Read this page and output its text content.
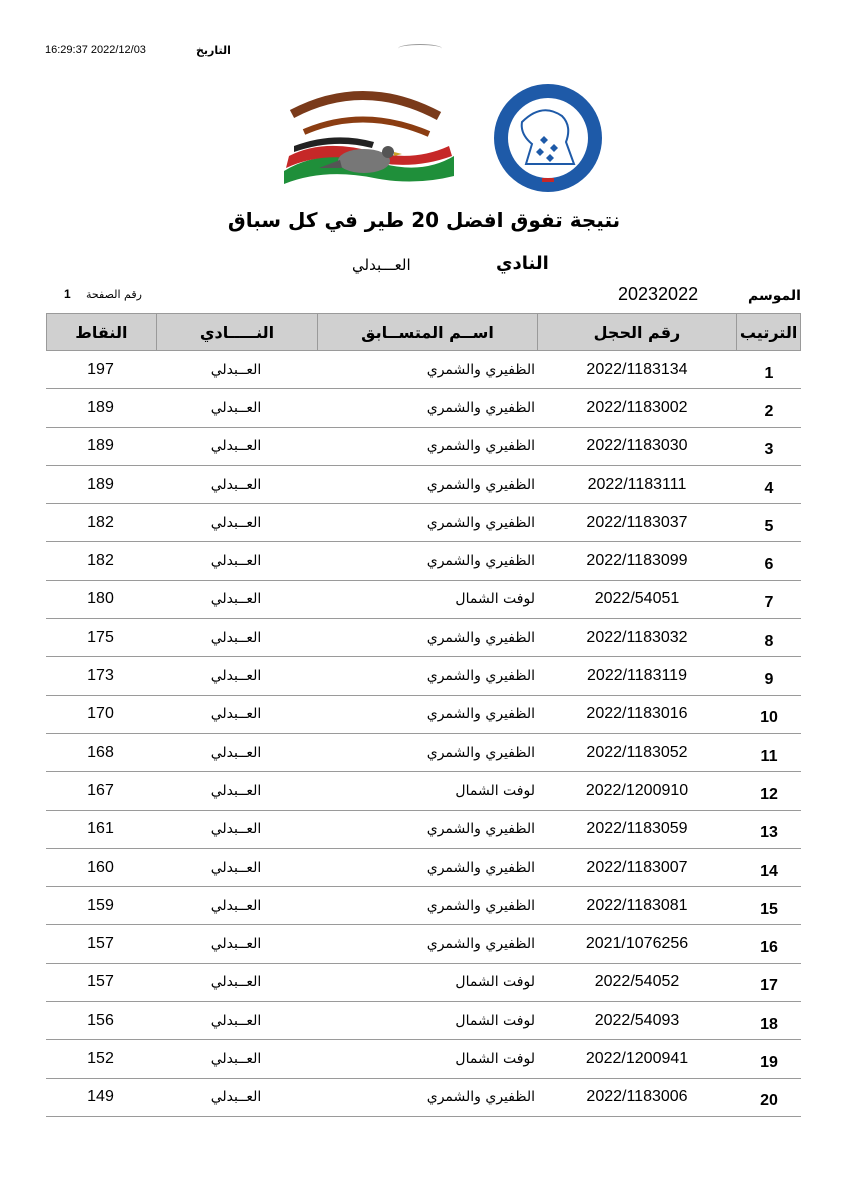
التاريخ
16:29:37 2022/12/03
نتيجة تفوق افضل 20 طير في كل سباق
النادي
العـــبدلي
الموسم
20232022
رقم الصفحة
1
الترتيب
رقم الحجل
اســم المتســابق
النـــــادي
النقاط
1
2022/1183134
الظفيري والشمري
العــبدلي
197
2
2022/1183002
الظفيري والشمري
العــبدلي
189
3
2022/1183030
الظفيري والشمري
العــبدلي
189
4
2022/1183111
الظفيري والشمري
العــبدلي
189
5
2022/1183037
الظفيري والشمري
العــبدلي
182
6
2022/1183099
الظفيري والشمري
العــبدلي
182
7
2022/54051
لوفت الشمال
العــبدلي
180
8
2022/1183032
الظفيري والشمري
العــبدلي
175
9
2022/1183119
الظفيري والشمري
العــبدلي
173
10
2022/1183016
الظفيري والشمري
العــبدلي
170
11
2022/1183052
الظفيري والشمري
العــبدلي
168
12
2022/1200910
لوفت الشمال
العــبدلي
167
13
2022/1183059
الظفيري والشمري
العــبدلي
161
14
2022/1183007
الظفيري والشمري
العــبدلي
160
15
2022/1183081
الظفيري والشمري
العــبدلي
159
16
2021/1076256
الظفيري والشمري
العــبدلي
157
17
2022/54052
لوفت الشمال
العــبدلي
157
18
2022/54093
لوفت الشمال
العــبدلي
156
19
2022/1200941
لوفت الشمال
العــبدلي
152
20
2022/1183006
الظفيري والشمري
العــبدلي
149
